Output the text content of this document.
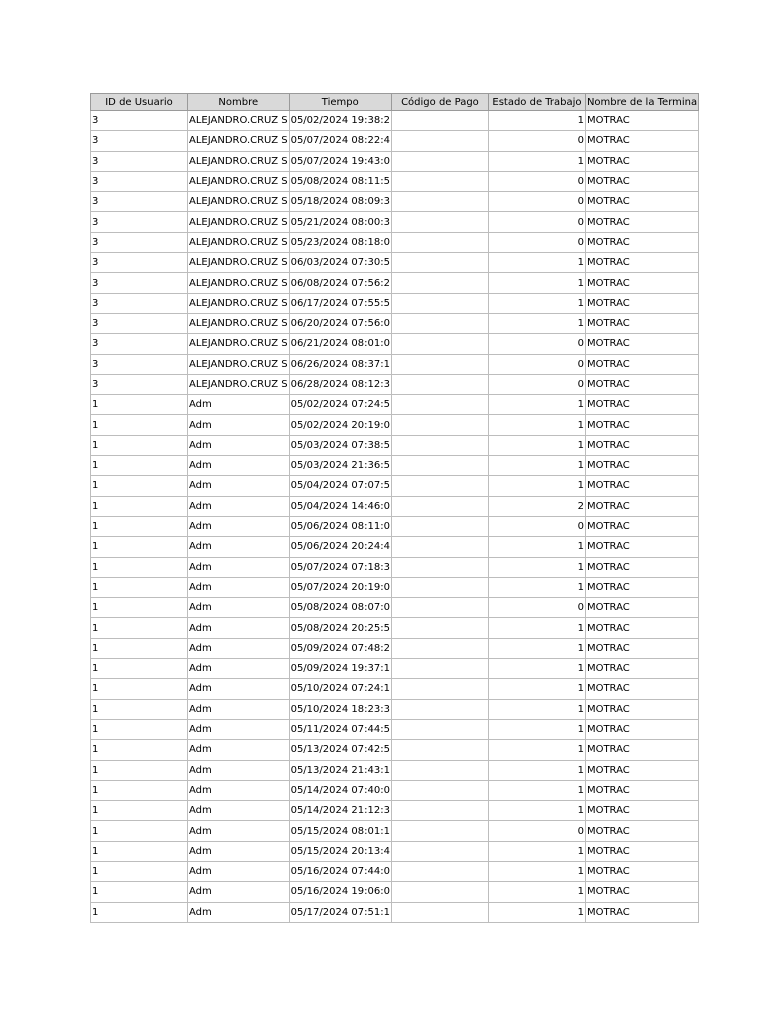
ID de Usuario	Nombre	Tiempo	Código de Pago	Estado de Trabajo	Nombre de la Termina
3	ALEJANDRO.CRUZ S	05/02/2024 19:38:2		1	MOTRAC
3	ALEJANDRO.CRUZ S	05/07/2024 08:22:4		0	MOTRAC
3	ALEJANDRO.CRUZ S	05/07/2024 19:43:0		1	MOTRAC
3	ALEJANDRO.CRUZ S	05/08/2024 08:11:5		0	MOTRAC
3	ALEJANDRO.CRUZ S	05/18/2024 08:09:3		0	MOTRAC
3	ALEJANDRO.CRUZ S	05/21/2024 08:00:3		0	MOTRAC
3	ALEJANDRO.CRUZ S	05/23/2024 08:18:0		0	MOTRAC
3	ALEJANDRO.CRUZ S	06/03/2024 07:30:5		1	MOTRAC
3	ALEJANDRO.CRUZ S	06/08/2024 07:56:2		1	MOTRAC
3	ALEJANDRO.CRUZ S	06/17/2024 07:55:5		1	MOTRAC
3	ALEJANDRO.CRUZ S	06/20/2024 07:56:0		1	MOTRAC
3	ALEJANDRO.CRUZ S	06/21/2024 08:01:0		0	MOTRAC
3	ALEJANDRO.CRUZ S	06/26/2024 08:37:1		0	MOTRAC
3	ALEJANDRO.CRUZ S	06/28/2024 08:12:3		0	MOTRAC
1	Adm	05/02/2024 07:24:5		1	MOTRAC
1	Adm	05/02/2024 20:19:0		1	MOTRAC
1	Adm	05/03/2024 07:38:5		1	MOTRAC
1	Adm	05/03/2024 21:36:5		1	MOTRAC
1	Adm	05/04/2024 07:07:5		1	MOTRAC
1	Adm	05/04/2024 14:46:0		2	MOTRAC
1	Adm	05/06/2024 08:11:0		0	MOTRAC
1	Adm	05/06/2024 20:24:4		1	MOTRAC
1	Adm	05/07/2024 07:18:3		1	MOTRAC
1	Adm	05/07/2024 20:19:0		1	MOTRAC
1	Adm	05/08/2024 08:07:0		0	MOTRAC
1	Adm	05/08/2024 20:25:5		1	MOTRAC
1	Adm	05/09/2024 07:48:2		1	MOTRAC
1	Adm	05/09/2024 19:37:1		1	MOTRAC
1	Adm	05/10/2024 07:24:1		1	MOTRAC
1	Adm	05/10/2024 18:23:3		1	MOTRAC
1	Adm	05/11/2024 07:44:5		1	MOTRAC
1	Adm	05/13/2024 07:42:5		1	MOTRAC
1	Adm	05/13/2024 21:43:1		1	MOTRAC
1	Adm	05/14/2024 07:40:0		1	MOTRAC
1	Adm	05/14/2024 21:12:3		1	MOTRAC
1	Adm	05/15/2024 08:01:1		0	MOTRAC
1	Adm	05/15/2024 20:13:4		1	MOTRAC
1	Adm	05/16/2024 07:44:0		1	MOTRAC
1	Adm	05/16/2024 19:06:0		1	MOTRAC
1	Adm	05/17/2024 07:51:1		1	MOTRAC
